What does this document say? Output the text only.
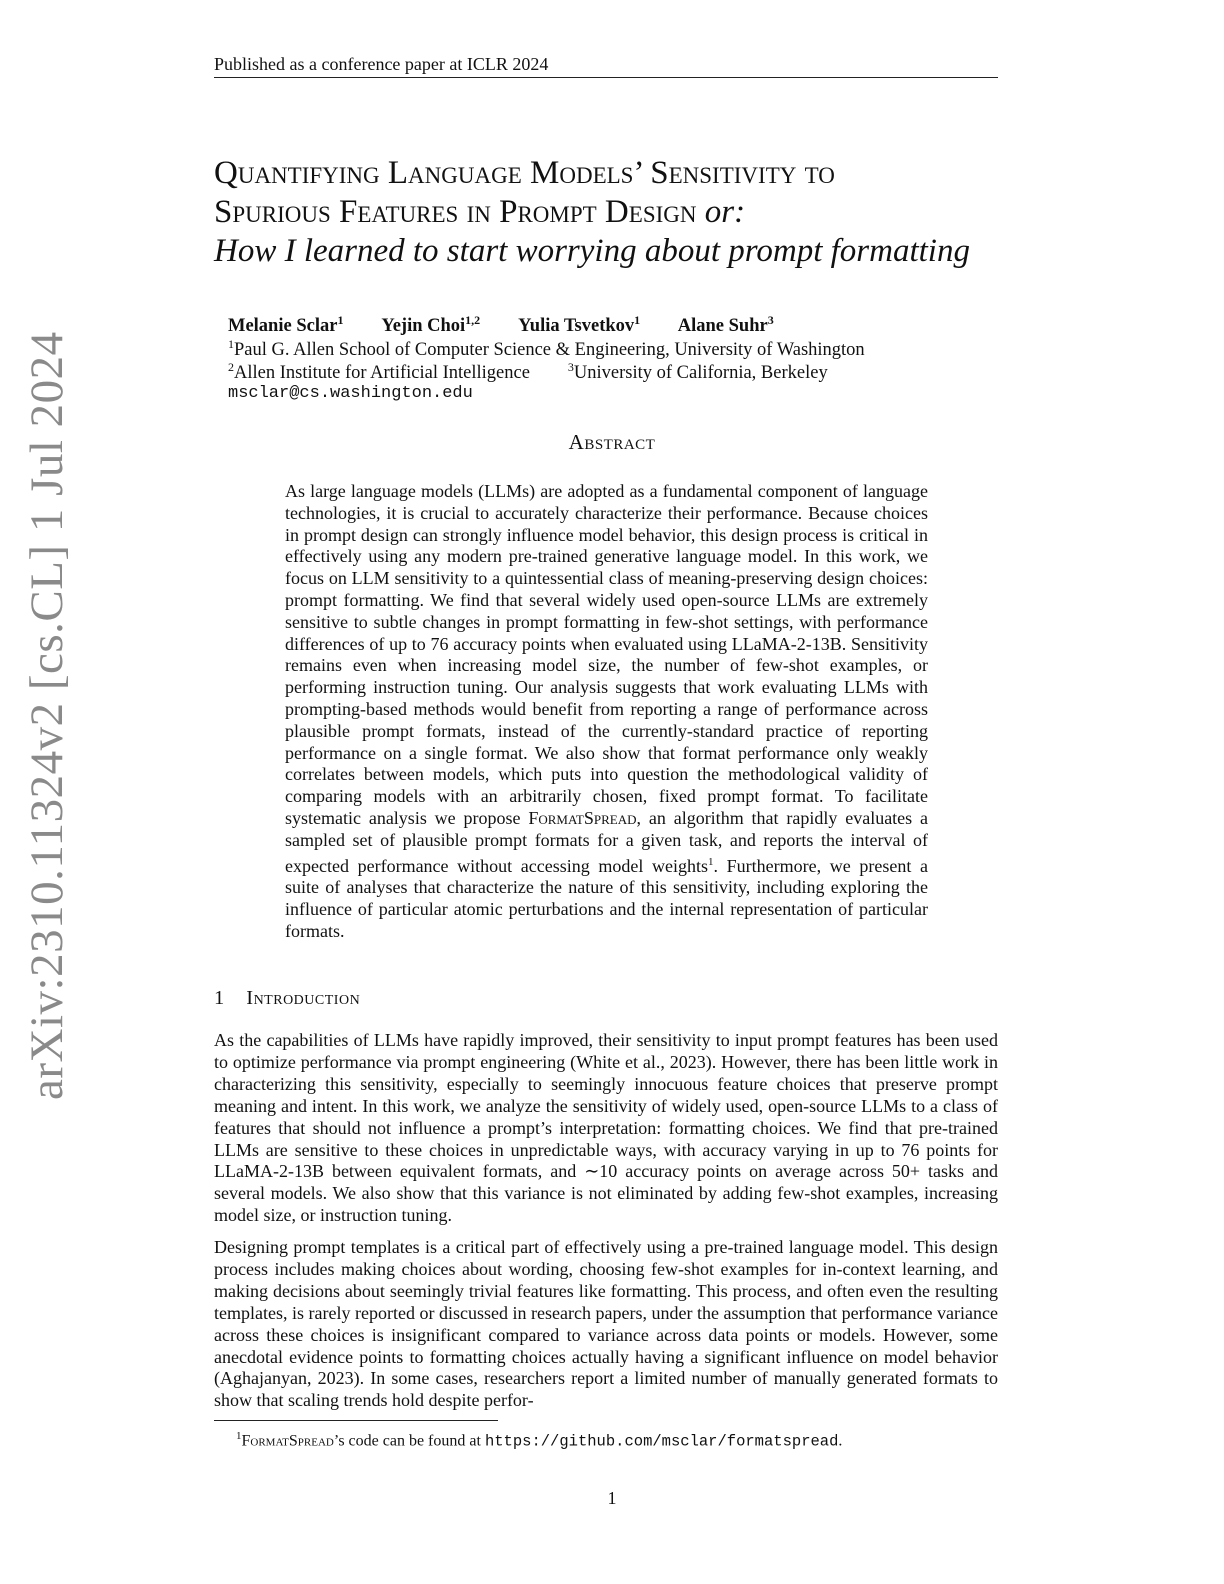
Published as a conference paper at ICLR 2024
arXiv:2310.11324v2 [cs.CL] 1 Jul 2024
Quantifying Language Models’ Sensitivity to
Spurious Features in Prompt Design or:
How I learned to start worrying about prompt formatting
Melanie Sclar$^1$ Yejin Choi$^{1,2}$ Yulia Tsvetkov$^1$ Alane Suhr$^3$
$^1$Paul G. Allen School of Computer Science & Engineering, University of Washington
$^2$Allen Institute for Artificial Intelligence	$^3$University of California, Berkeley
msclar@cs.washington.edu
Abstract
As large language models (LLMs) are adopted as a fundamental component of language technologies, it is crucial to accurately characterize their performance. Because choices in prompt design can strongly influence model behavior, this design process is critical in effectively using any modern pre-trained generative language model. In this work, we focus on LLM sensitivity to a quintessential class of meaning-preserving design choices: prompt formatting. We find that several widely used open-source LLMs are extremely sensitive to subtle changes in prompt formatting in few-shot settings, with performance differences of up to 76 accuracy points when evaluated using LLaMA-2-13B. Sensitivity remains even when increasing model size, the number of few-shot examples, or performing instruction tuning. Our analysis suggests that work evaluating LLMs with prompting-based methods would benefit from reporting a range of performance across plausible prompt formats, instead of the currently-standard practice of reporting performance on a single format. We also show that format performance only weakly correlates between models, which puts into question the methodological validity of comparing models with an arbitrarily chosen, fixed prompt format. To facilitate systematic analysis we propose FormatSpread, an algorithm that rapidly evaluates a sampled set of plausible prompt formats for a given task, and reports the interval of expected performance without accessing model weights$^1$. Furthermore, we present a suite of analyses that characterize the nature of this sensitivity, including exploring the influence of particular atomic perturbations and the internal representation of particular formats.
1 Introduction

As the capabilities of LLMs have rapidly improved, their sensitivity to input prompt features has been used to optimize performance via prompt engineering (White et al., 2023). However, there has been little work in characterizing this sensitivity, especially to seemingly innocuous feature choices that preserve prompt meaning and intent. In this work, we analyze the sensitivity of widely used, open-source LLMs to a class of features that should not influence a prompt’s interpretation: formatting choices. We find that pre-trained LLMs are sensitive to these choices in unpredictable ways, with accuracy varying in up to 76 points for LLaMA-2-13B between equivalent formats, and ∼10 accuracy points on average across 50+ tasks and several models. We also show that this variance is not eliminated by adding few-shot examples, increasing model size, or instruction tuning.

Designing prompt templates is a critical part of effectively using a pre-trained language model. This design process includes making choices about wording, choosing few-shot examples for in-context learning, and making decisions about seemingly trivial features like formatting. This process, and often even the resulting templates, is rarely reported or discussed in research papers, under the assumption that performance variance across these choices is insignificant compared to variance across data points or models. However, some anecdotal evidence points to formatting choices actually having a significant influence on model behavior (Aghajanyan, 2023). In some cases, researchers report a limited number of manually generated formats to show that scaling trends hold despite perfor-

$^1$FormatSpread’s code can be found at https://github.com/msclar/formatspread.
1
